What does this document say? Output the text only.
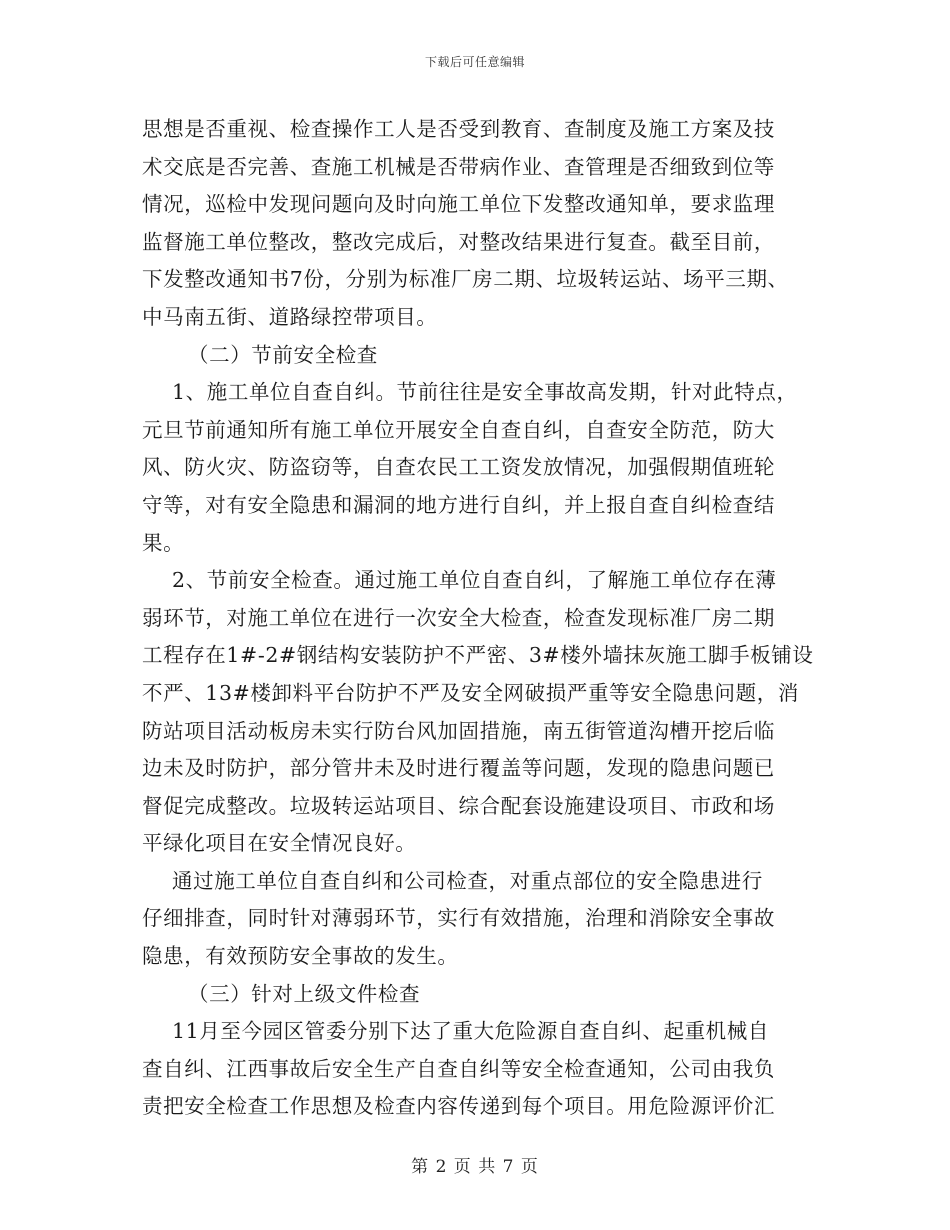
下载后可任意编辑
思想是否重视、检查操作工人是否受到教育、查制度及施工方案及技
术交底是否完善、查施工机械是否带病作业、查管理是否细致到位等
情况，巡检中发现问题向及时向施工单位下发整改通知单，要求监理
监督施工单位整改，整改完成后，对整改结果进行复查。截至目前，
下发整改通知书7份，分别为标准厂房二期、垃圾转运站、场平三期、
中马南五街、道路绿控带项目。
（二）节前安全检查
1、施工单位自查自纠。节前往往是安全事故高发期，针对此特点，
元旦节前通知所有施工单位开展安全自查自纠，自查安全防范，防大
风、防火灾、防盗窃等，自查农民工工资发放情况，加强假期值班轮
守等，对有安全隐患和漏洞的地方进行自纠，并上报自查自纠检查结
果。
2、节前安全检查。通过施工单位自查自纠，了解施工单位存在薄
弱环节，对施工单位在进行一次安全大检查，检查发现标准厂房二期
工程存在1#-2#钢结构安装防护不严密、3#楼外墙抹灰施工脚手板铺设
不严、13#楼卸料平台防护不严及安全网破损严重等安全隐患问题，消
防站项目活动板房未实行防台风加固措施，南五街管道沟槽开挖后临
边未及时防护，部分管井未及时进行覆盖等问题，发现的隐患问题已
督促完成整改。垃圾转运站项目、综合配套设施建设项目、市政和场
平绿化项目在安全情况良好。
通过施工单位自查自纠和公司检查，对重点部位的安全隐患进行
仔细排查，同时针对薄弱环节，实行有效措施，治理和消除安全事故
隐患，有效预防安全事故的发生。
（三）针对上级文件检查
11月至今园区管委分别下达了重大危险源自查自纠、起重机械自
查自纠、江西事故后安全生产自查自纠等安全检查通知，公司由我负
责把安全检查工作思想及检查内容传递到每个项目。用危险源评价汇
第 2 页 共 7 页
